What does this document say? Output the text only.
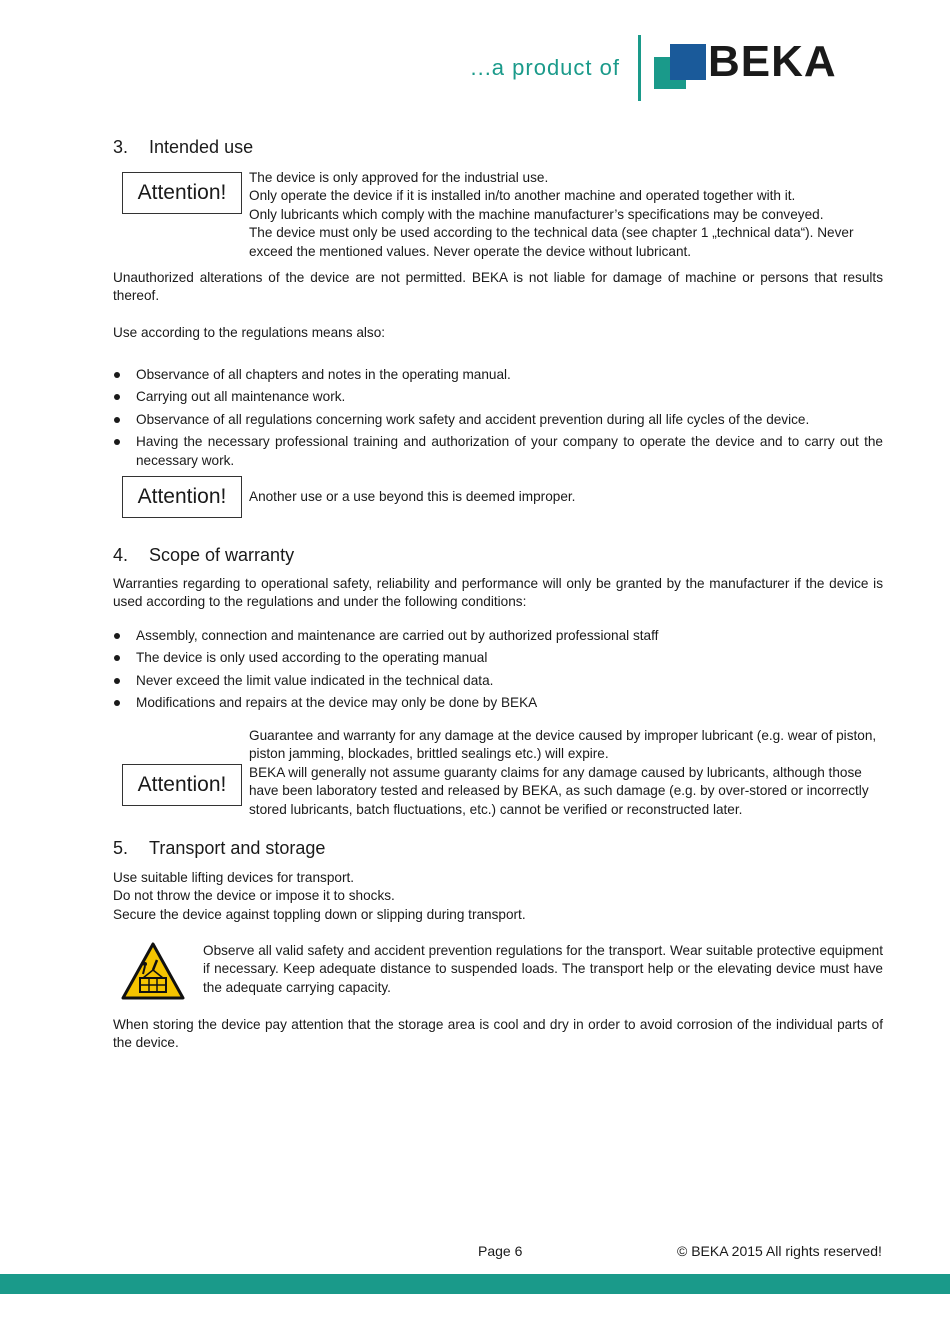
...a product of BEKA
3. Intended use
Attention!
The device is only approved for the industrial use.
Only operate the device if it is installed in/to another machine and operated together with it.
Only lubricants which comply with the machine manufacturer’s specifications may be conveyed.
The device must only be used according to the technical data (see chapter 1 „technical data“). Never exceed the mentioned values. Never operate the device without lubricant.
Unauthorized alterations of the device are not permitted. BEKA is not liable for damage of machine or persons that results thereof.
Use according to the regulations means also:
Observance of all chapters and notes in the operating manual.
Carrying out all maintenance work.
Observance of all regulations concerning work safety and accident prevention during all life cycles of the device.
Having the necessary professional training and authorization of your company to operate the device and to carry out the necessary work.
Attention!	Another use or a use beyond this is deemed improper.
4. Scope of warranty
Warranties regarding to operational safety, reliability and performance will only be granted by the manufacturer if the device is used according to the regulations and under the following conditions:
Assembly, connection and maintenance are carried out by authorized professional staff
The device is only used according to the operating manual
Never exceed the limit value indicated in the technical data.
Modifications and repairs at the device may only be done by BEKA
Attention!
Guarantee and warranty for any damage at the device caused by improper lubricant (e.g. wear of piston, piston jamming, blockades, brittled sealings etc.) will expire.
BEKA will generally not assume guaranty claims for any damage caused by lubricants, although those have been laboratory tested and released by BEKA, as such damage (e.g. by over-stored or incorrectly stored lubricants, batch fluctuations, etc.) cannot be verified or reconstructed later.
5. Transport and storage
Use suitable lifting devices for transport.
Do not throw the device or impose it to shocks.
Secure the device against toppling down or slipping during transport.
Observe all valid safety and accident prevention regulations for the transport. Wear suitable protective equipment if necessary. Keep adequate distance to suspended loads. The transport help or the elevating device must have the adequate carrying capacity.
When storing the device pay attention that the storage area is cool and dry in order to avoid corrosion of the individual parts of the device.
Page 6	© BEKA 2015 All rights reserved!
